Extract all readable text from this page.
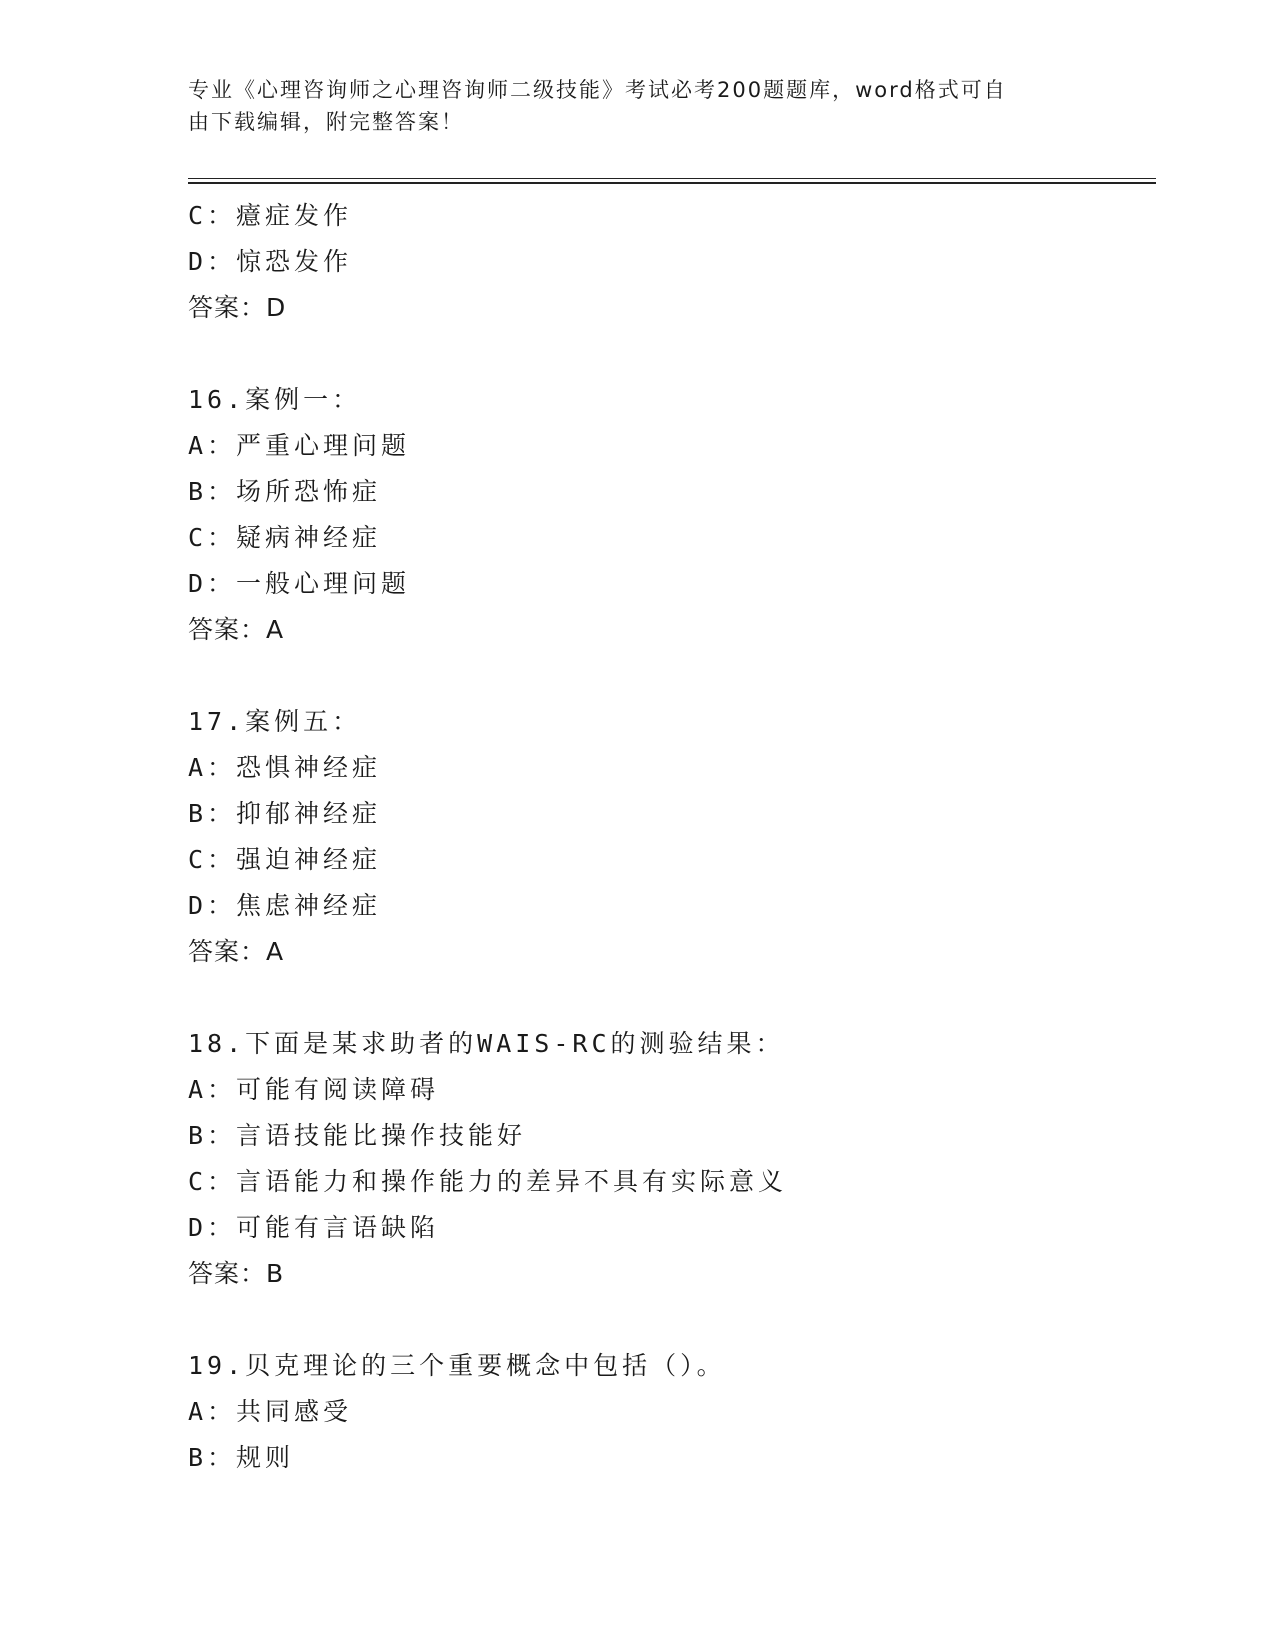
专业《心理咨询师之心理咨询师二级技能》考试必考200题题库，word格式可自
由下载编辑，附完整答案！
C：癔症发作
D：惊恐发作
答案：D
16.案例一：
A：严重心理问题
B：场所恐怖症
C：疑病神经症
D：一般心理问题
答案：A
17.案例五：
A：恐惧神经症
B：抑郁神经症
C：强迫神经症
D：焦虑神经症
答案：A
18.下面是某求助者的WAIS-RC的测验结果：
A：可能有阅读障碍
B：言语技能比操作技能好
C：言语能力和操作能力的差异不具有实际意义
D：可能有言语缺陷
答案：B
19.贝克理论的三个重要概念中包括（）。
A：共同感受
B：规则
